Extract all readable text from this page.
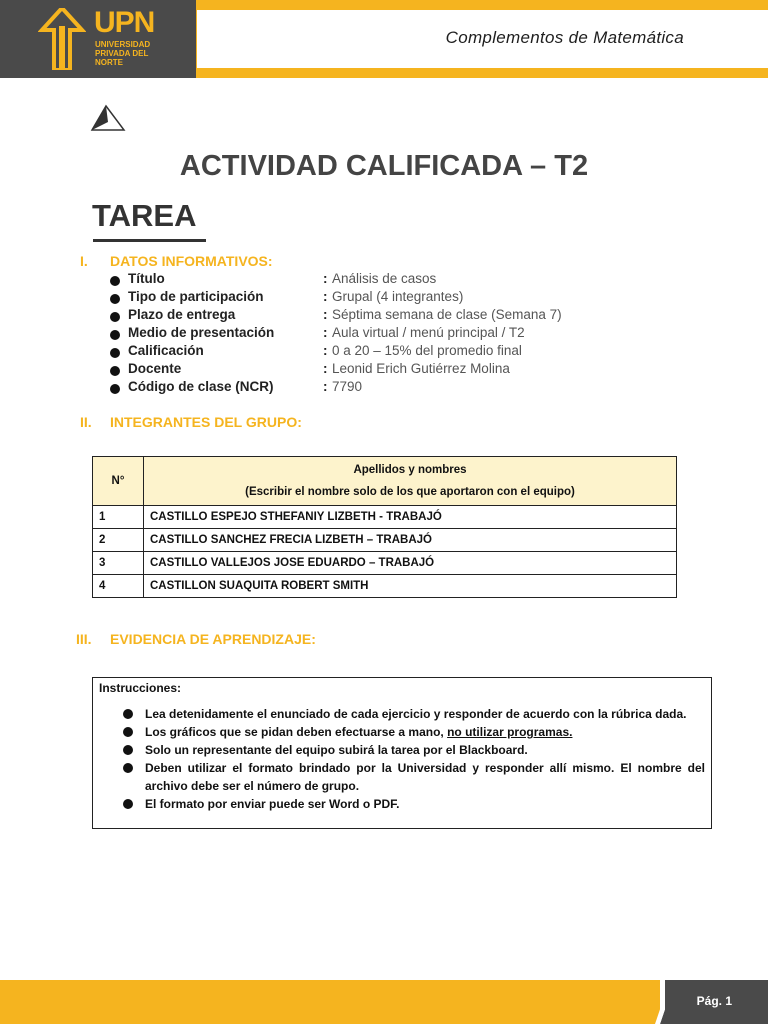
UPN
UNIVERSIDAD PRIVADA DEL NORTE
Complementos de Matemática
ACTIVIDAD CALIFICADA – T2
TAREA
I. DATOS INFORMATIVOS:
Título	: Análisis de casos
Tipo de participación	: Grupal (4 integrantes)
Plazo de entrega	: Séptima semana de clase (Semana 7)
Medio de presentación	: Aula virtual / menú principal / T2
Calificación	: 0 a 20 – 15% del promedio final
Docente	: Leonid Erich Gutiérrez Molina
Código de clase (NCR)	: 7790
II. INTEGRANTES DEL GRUPO:
N°	Apellidos y nombres
(Escribir el nombre solo de los que aportaron con el equipo)

1	CASTILLO ESPEJO STHEFANIY LIZBETH - TRABAJÓ
2	CASTILLO SANCHEZ FRECIA LIZBETH – TRABAJÓ
3	CASTILLO VALLEJOS JOSE EDUARDO – TRABAJÓ
4	CASTILLON SUAQUITA ROBERT SMITH
III. EVIDENCIA DE APRENDIZAJE:
Instrucciones:
Lea detenidamente el enunciado de cada ejercicio y responder de acuerdo con la rúbrica dada.
Los gráficos que se pidan deben efectuarse a mano, no utilizar programas.
Solo un representante del equipo subirá la tarea por el Blackboard.
Deben utilizar el formato brindado por la Universidad y responder allí mismo. El nombre del archivo debe ser el número de grupo.
El formato por enviar puede ser Word o PDF.
Pág. 1
